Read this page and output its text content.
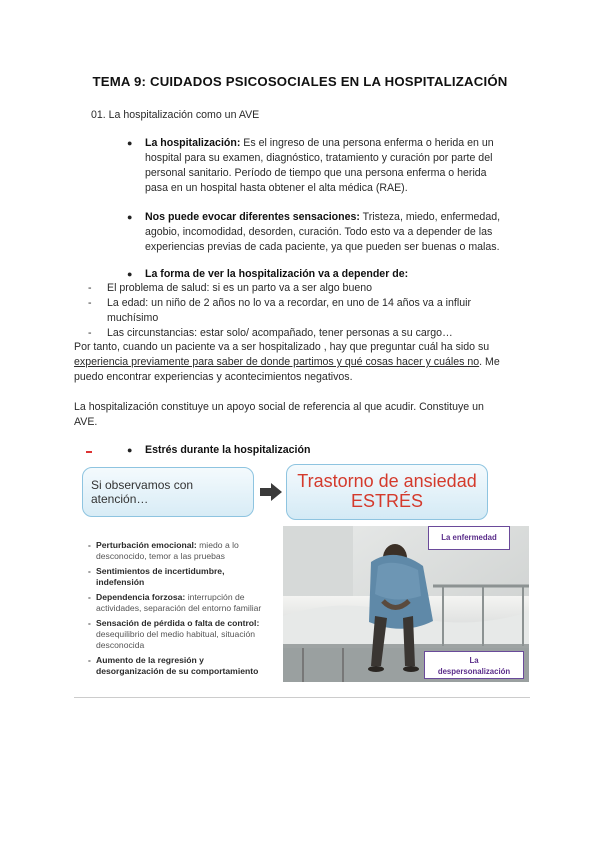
TEMA 9: CUIDADOS PSICOSOCIALES EN LA HOSPITALIZACIÓN
01. La hospitalización como un AVE
● La hospitalización: Es el ingreso de una persona enferma o herida en un
hospital para su examen, diagnóstico, tratamiento y curación por parte del
personal sanitario. Período de tiempo que una persona enferma o herida
pasa en un hospital hasta obtener el alta médica (RAE).
● Nos puede evocar diferentes sensaciones: Tristeza, miedo, enfermedad,
agobio, incomodidad, desorden, curación. Todo esto va a depender de las
experiencias previas de cada paciente, ya que pueden ser buenas o malas.
● La forma de ver la hospitalización va a depender de:
- El problema de salud: si es un parto va a ser algo bueno
- La edad: un niño de 2 años no lo va a recordar, en uno de 14 años va a influir
muchísimo
- Las circunstancias: estar solo/ acompañado, tener personas a su cargo…
Por tanto, cuando un paciente va a ser hospitalizado , hay que preguntar cuál ha sido su
experiencia previamente para saber de donde partimos y qué cosas hacer y cuáles no. Me
puedo encontrar experiencias y acontecimientos negativos.
La hospitalización constituye un apoyo social de referencia al que acudir. Constituye un
AVE.
● Estrés durante la hospitalización
Si observamos con atención…
Trastorno de ansiedad
ESTRÉS
- Perturbación emocional: miedo a lo
desconocido, temor a las pruebas
- Sentimientos de incertidumbre,
indefensión
- Dependencia forzosa: interrupción de
actividades, separación del entorno familiar
- Sensación de pérdida o falta de control:
desequilibrio del medio habitual, situación
desconocida
- Aumento de la regresión y
desorganización de su comportamiento
La enfermedad
La
despersonalización
